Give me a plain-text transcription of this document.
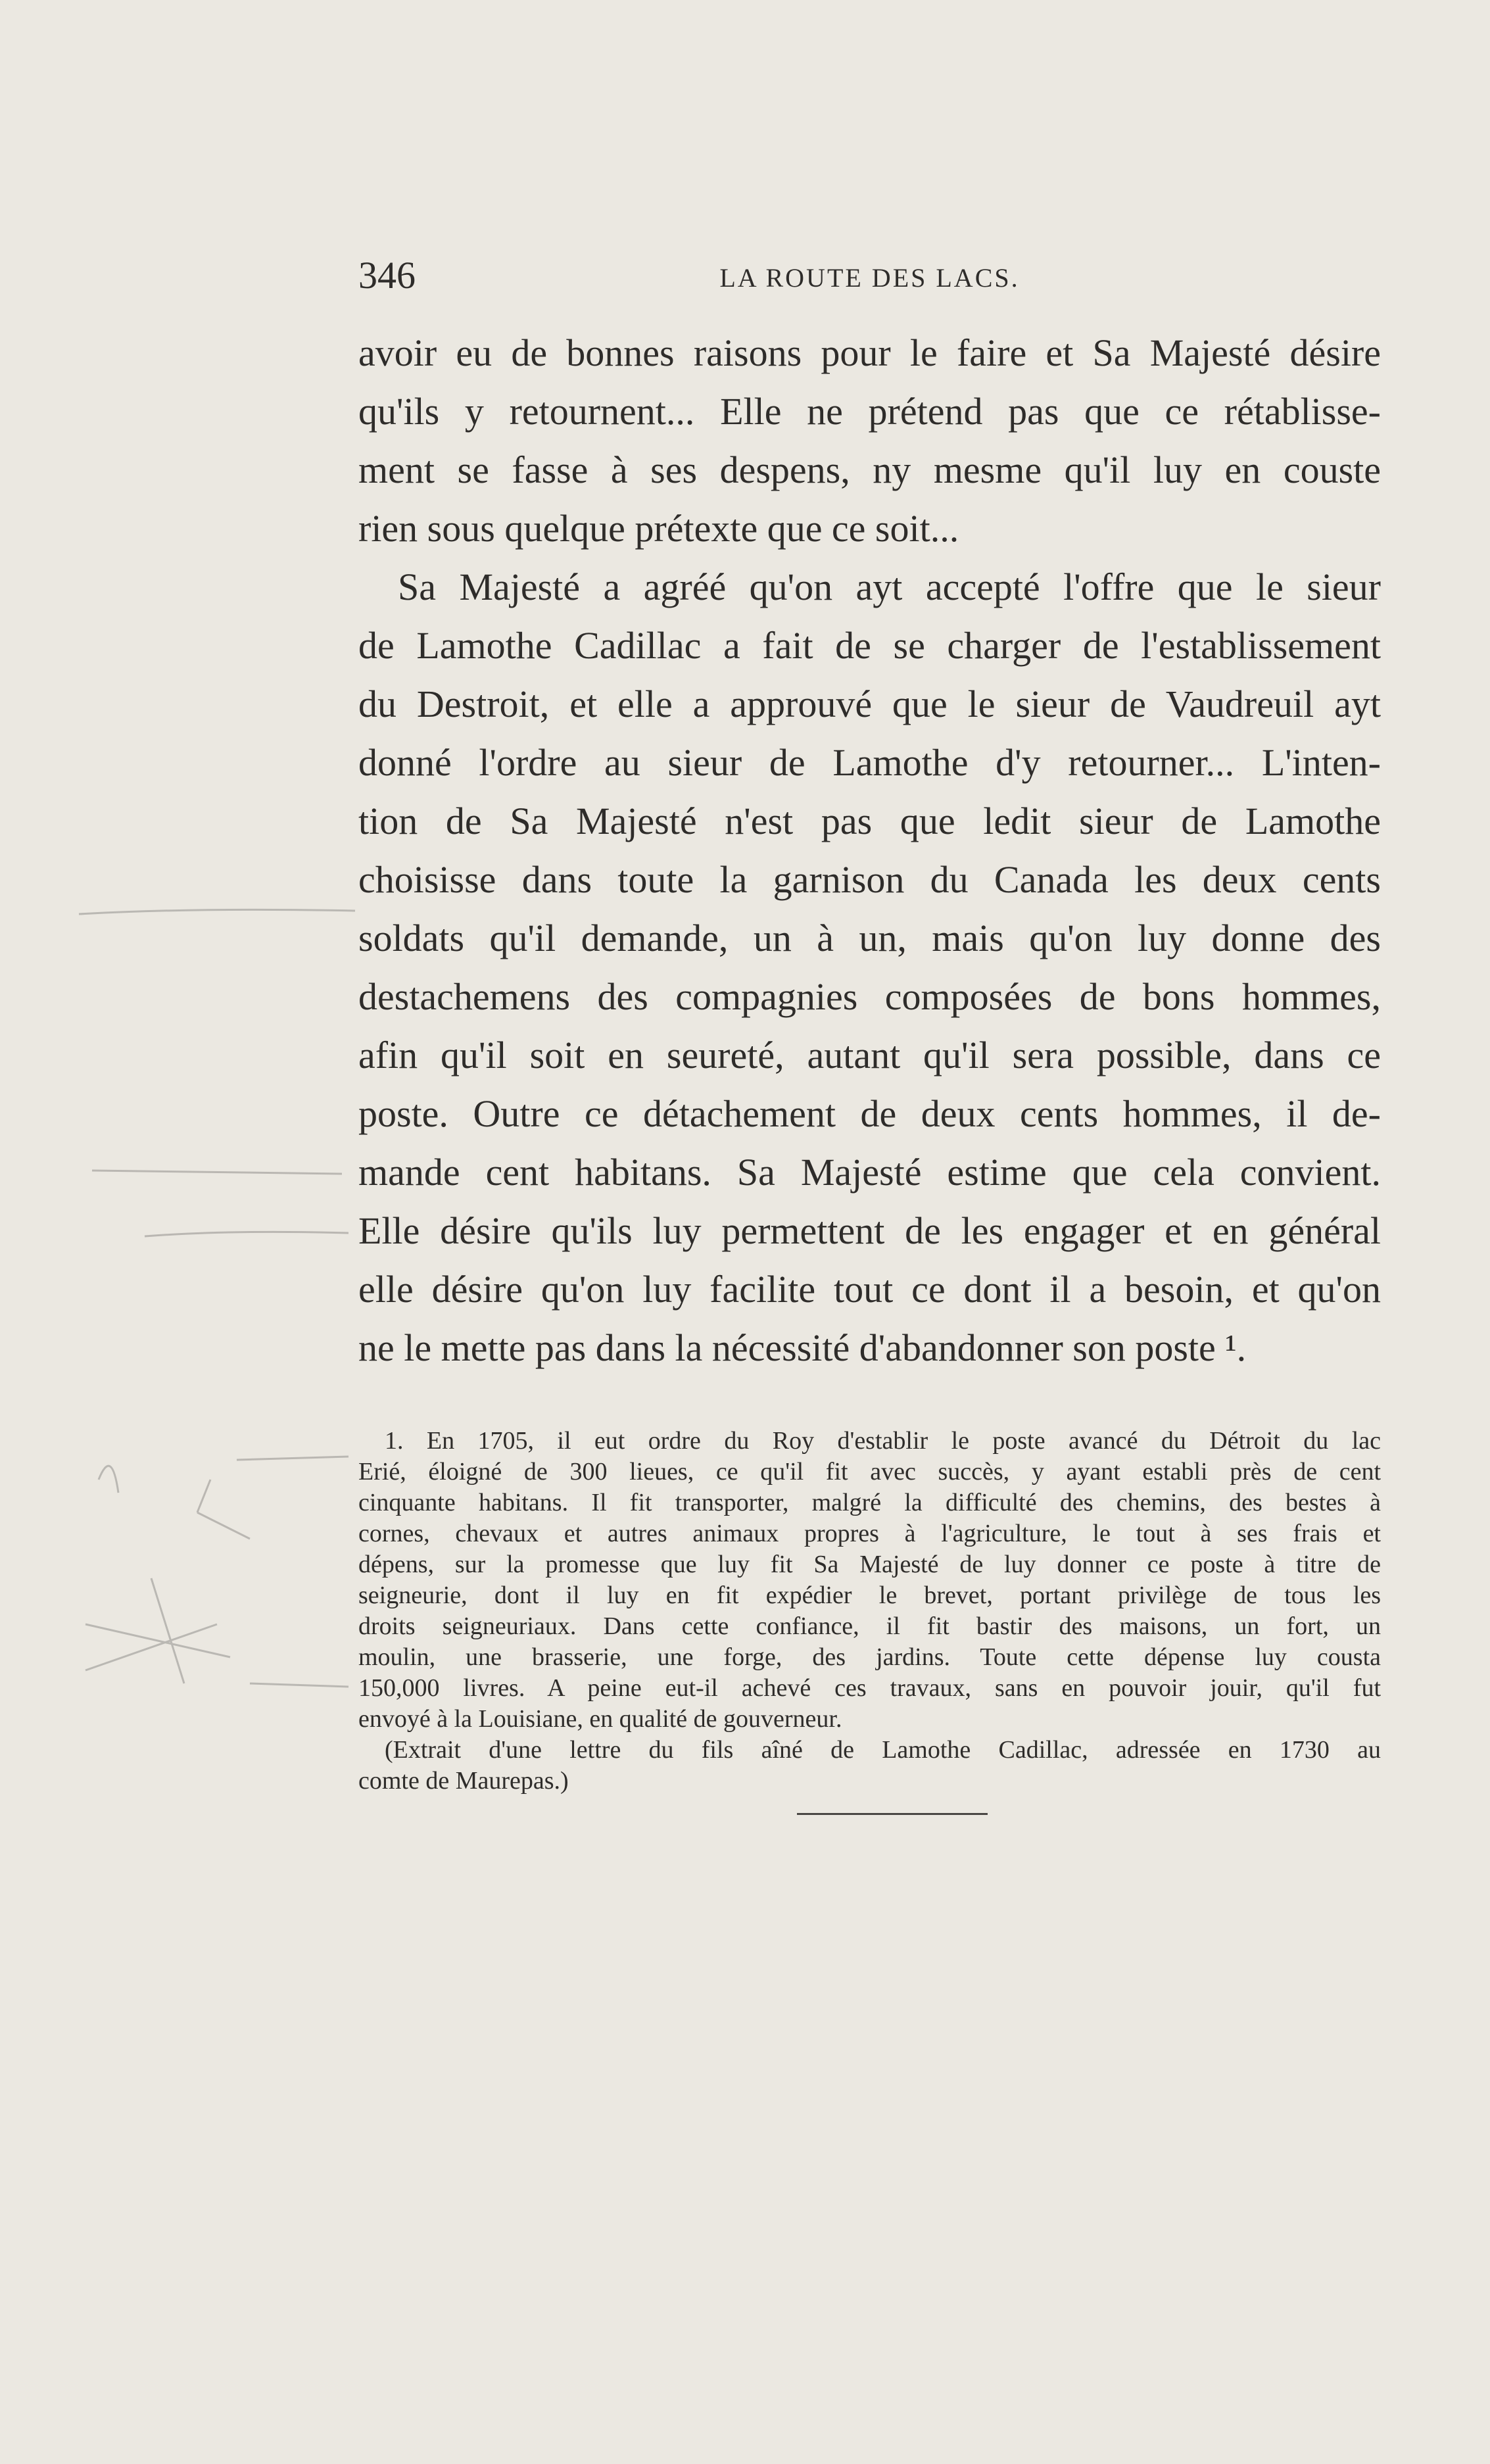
346	LA ROUTE DES LACS.
avoir eu de bonnes raisons pour le faire et Sa Majesté désire
qu'ils y retournent... Elle ne prétend pas que ce rétablisse-
ment se fasse à ses despens, ny mesme qu'il luy en couste
rien sous quelque prétexte que ce soit...
Sa Majesté a agréé qu'on ayt accepté l'offre que le sieur
de Lamothe Cadillac a fait de se charger de l'establissement
du Destroit, et elle a approuvé que le sieur de Vaudreuil ayt
donné l'ordre au sieur de Lamothe d'y retourner... L'inten-
tion de Sa Majesté n'est pas que ledit sieur de Lamothe
choisisse dans toute la garnison du Canada les deux cents
soldats qu'il demande, un à un, mais qu'on luy donne des
destachemens des compagnies composées de bons hommes,
afin qu'il soit en seureté, autant qu'il sera possible, dans ce
poste. Outre ce détachement de deux cents hommes, il de-
mande cent habitans. Sa Majesté estime que cela convient.
Elle désire qu'ils luy permettent de les engager et en général
elle désire qu'on luy facilite tout ce dont il a besoin, et qu'on
ne le mette pas dans la nécessité d'abandonner son poste ¹.
1. En 1705, il eut ordre du Roy d'establir le poste avancé du Détroit du lac
Erié, éloigné de 300 lieues, ce qu'il fit avec succès, y ayant establi près de cent
cinquante habitans. Il fit transporter, malgré la difficulté des chemins, des bestes à
cornes, chevaux et autres animaux propres à l'agriculture, le tout à ses frais et
dépens, sur la promesse que luy fit Sa Majesté de luy donner ce poste à titre de
seigneurie, dont il luy en fit expédier le brevet, portant privilège de tous les
droits seigneuriaux. Dans cette confiance, il fit bastir des maisons, un fort, un
moulin, une brasserie, une forge, des jardins. Toute cette dépense luy cousta
150,000 livres. A peine eut-il achevé ces travaux, sans en pouvoir jouir, qu'il fut
envoyé à la Louisiane, en qualité de gouverneur.
(Extrait d'une lettre du fils aîné de Lamothe Cadillac, adressée en 1730 au
comte de Maurepas.)
